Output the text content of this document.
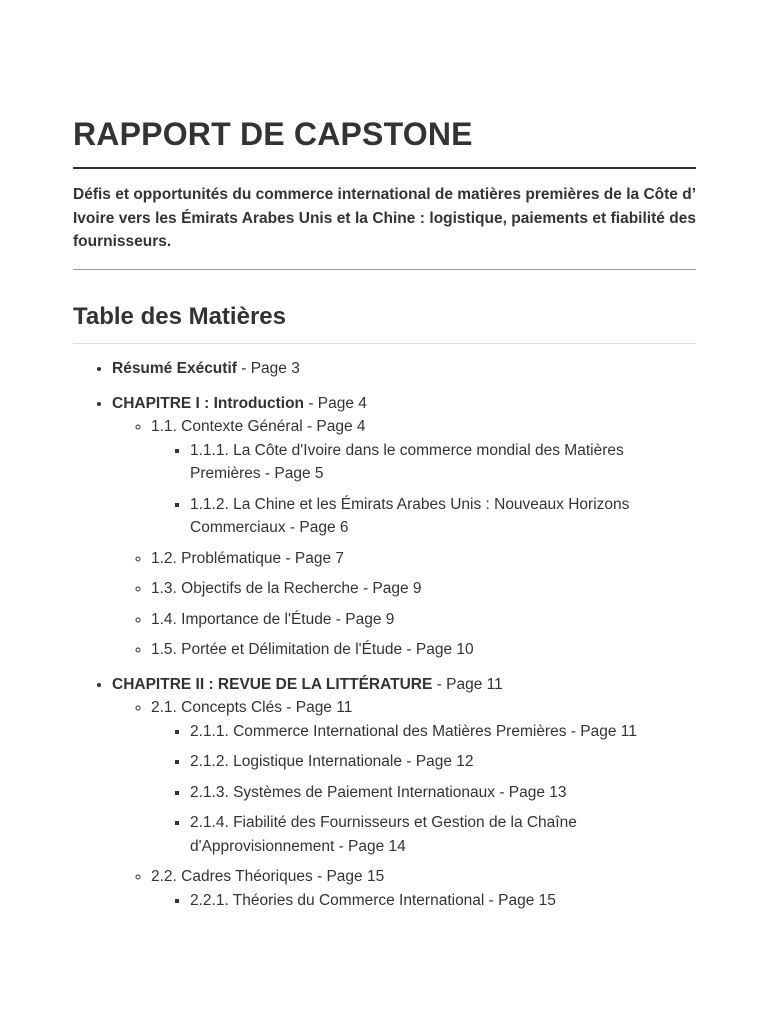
RAPPORT DE CAPSTONE

Défis et opportunités du commerce international de matières premières de la Côte d’ Ivoire vers les Émirats Arabes Unis et la Chine : logistique, paiements et fiabilité des fournisseurs.

Table des Matières
• Résumé Exécutif - Page 3
• CHAPITRE I : Introduction - Page 4
◦ 1.1. Contexte Général - Page 4
▪ 1.1.1. La Côte d'Ivoire dans le commerce mondial des Matières Premières - Page 5
▪ 1.1.2. La Chine et les Émirats Arabes Unis : Nouveaux Horizons Commerciaux - Page 6
◦ 1.2. Problématique - Page 7
◦ 1.3. Objectifs de la Recherche - Page 9
◦ 1.4. Importance de l'Étude - Page 9
◦ 1.5. Portée et Délimitation de l'Étude - Page 10
• CHAPITRE II : REVUE DE LA LITTÉRATURE - Page 11
◦ 2.1. Concepts Clés - Page 11
▪ 2.1.1. Commerce International des Matières Premières - Page 11
▪ 2.1.2. Logistique Internationale - Page 12
▪ 2.1.3. Systèmes de Paiement Internationaux - Page 13
▪ 2.1.4. Fiabilité des Fournisseurs et Gestion de la Chaîne d'Approvisionnement - Page 14
◦ 2.2. Cadres Théoriques - Page 15
▪ 2.2.1. Théories du Commerce International - Page 15
